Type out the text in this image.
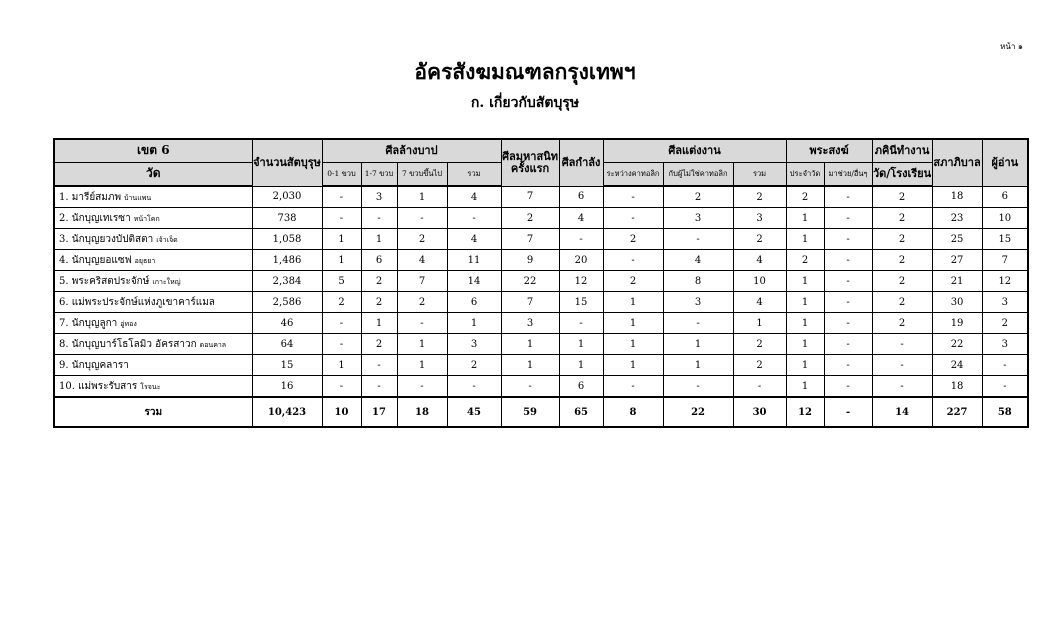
หน้า ๑
อัครสังฆมณฑลกรุงเทพฯ
ก. เกี่ยวกับสัตบุรุษ
เขต 6	จำนวนสัตบุรุษ	ศีลล้างบาป				ศีลมหาสนิทครั้งแรก	ศีลกำลัง	ศีลแต่งงาน			พระสงฆ์		ภคินีทำงาน	สภาภิบาล	ผู้อ่าน
วัด		0-1 ขวบ	1-7 ขวบ	7 ขวบขึ้นไป	รวม			ระหว่างคาทอลิก	กับผู้ไม่ใช่คาทอลิก	รวม	ประจำวัด	มาช่วย/อื่นๆ	วัด/โรงเรียน		
1. มารีย์สมภพ บ้านแพน	2,030	-	3	1	4	7	6	-	2	2	2	-	2	18	6
2. นักบุญเทเรซา หน้าโคก	738	-	-	-	-	2	4	-	3	3	1	-	2	23	10
3. นักบุญยวงบัปติสตา เจ้าเจ็ด	1,058	1	1	2	4	7	-	2	-	2	1	-	2	25	15
4. นักบุญยอแซฟ อยุธยา	1,486	1	6	4	11	9	20	-	4	4	2	-	2	27	7
5. พระคริสตประจักษ์ เกาะใหญ่	2,384	5	2	7	14	22	12	2	8	10	1	-	2	21	12
6. แม่พระประจักษ์แห่งภูเขาคาร์แมล	2,586	2	2	2	6	7	15	1	3	4	1	-	2	30	3
7. นักบุญลูกา อู่ทอง	46	-	1	-	1	3	-	1	-	1	1	-	2	19	2
8. นักบุญบาร์โธโลมิว อัครสาวก ดอนคาล	64	-	2	1	3	1	1	1	1	2	1	-	-	22	3
9. นักบุญคลารา	15	1	-	1	2	1	1	1	1	2	1	-	-	24	-
10. แม่พระรับสาร โรจนะ	16	-	-	-	-	-	6	-	-	-	1	-	-	18	-
รวม	10,423	10	17	18	45	59	65	8	22	30	12	-	14	227	58
